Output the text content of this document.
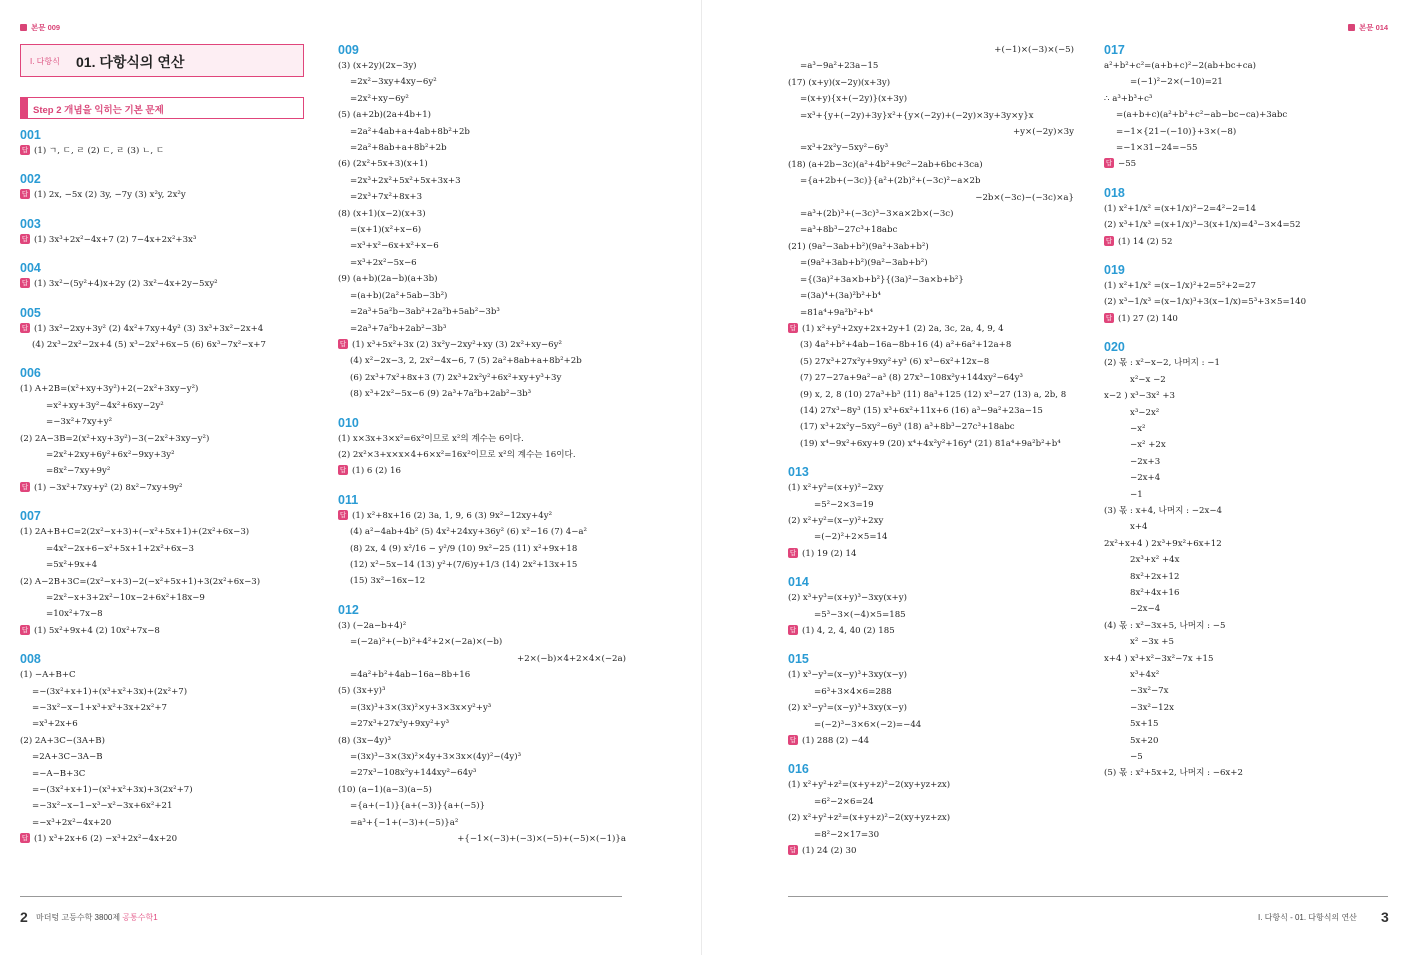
본문 009
I. 다항식 01. 다항식의 연산
Step 2 개념을 익히는 기본 문제
001
답 (1) ㄱ, ㄷ, ㄹ (2) ㄷ, ㄹ (3) ㄴ, ㄷ
002
답 (1) 2x, −5x (2) 3y, −7y (3) x²y, 2x²y
003
답 (1) 3x³+2x²−4x+7 (2) 7−4x+2x²+3x³
004
답 (1) 3x²−(5y²+4)x+2y (2) 3x²−4x+2y−5xy²
005
답 (1) 3x²−2xy+3y² (2) 4x²+7xy+4y² (3) 3x³+3x²−2x+4
(4) 2x³−2x²−2x+4 (5) x³−2x²+6x−5 (6) 6x³−7x²−x+7
006
(1) A+2B=(x²+xy+3y²)+2(−2x²+3xy−y²)
=x²+xy+3y²−4x²+6xy−2y²
=−3x²+7xy+y²
(2) 2A−3B=2(x²+xy+3y²)−3(−2x²+3xy−y²)
=2x²+2xy+6y²+6x²−9xy+3y²
=8x²−7xy+9y²
답 (1) −3x²+7xy+y² (2) 8x²−7xy+9y²
007
(1) 2A+B+C=2(2x²−x+3)+(−x²+5x+1)+(2x²+6x−3)
=4x²−2x+6−x²+5x+1+2x²+6x−3
=5x²+9x+4
(2) A−2B+3C=(2x²−x+3)−2(−x²+5x+1)+3(2x²+6x−3)
=2x²−x+3+2x²−10x−2+6x²+18x−9
=10x²+7x−8
답 (1) 5x²+9x+4 (2) 10x²+7x−8
008
(1) −A+B+C
=−(3x²+x+1)+(x³+x²+3x)+(2x²+7)
=−3x²−x−1+x³+x²+3x+2x²+7
=x³+2x+6
(2) 2A+3C−(3A+B)
=2A+3C−3A−B
=−A−B+3C
=−(3x²+x+1)−(x³+x²+3x)+3(2x²+7)
=−3x²−x−1−x³−x²−3x+6x²+21
=−x³+2x²−4x+20
답 (1) x³+2x+6 (2) −x³+2x²−4x+20
009
(3) (x+2y)(2x−3y)
=2x²−3xy+4xy−6y²
=2x²+xy−6y²
(5) (a+2b)(2a+4b+1)
=2a²+4ab+a+4ab+8b²+2b
=2a²+8ab+a+8b²+2b
(6) (2x²+5x+3)(x+1)
=2x³+2x²+5x²+5x+3x+3
=2x³+7x²+8x+3
(8) (x+1)(x−2)(x+3)
=(x+1)(x²+x−6)
=x³+x²−6x+x²+x−6
=x³+2x²−5x−6
(9) (a+b)(2a−b)(a+3b)
=(a+b)(2a²+5ab−3b²)
=2a³+5a²b−3ab²+2a²b+5ab²−3b³
=2a³+7a²b+2ab²−3b³
답 (1) x³+5x²+3x (2) 3x²y−2xy²+xy (3) 2x²+xy−6y²
(4) x²−2x−3, 2, 2x²−4x−6, 7 (5) 2a²+8ab+a+8b²+2b
(6) 2x³+7x²+8x+3 (7) 2x³+2x²y²+6x²+xy+y³+3y
(8) x³+2x²−5x−6 (9) 2a³+7a²b+2ab²−3b³
010
(1) x×3x+3×x²=6x²이므로 x²의 계수는 6이다.
(2) 2x²×3+x×x×4+6×x²=16x²이므로 x²의 계수는 16이다.
답 (1) 6 (2) 16
011
답 (1) x²+8x+16 (2) 3a, 1, 9, 6 (3) 9x²−12xy+4y²
(4) a²−4ab+4b² (5) 4x²+24xy+36y² (6) x²−16 (7) 4−a²
(8) 2x, 4 (9) x²/16 − y²/9 (10) 9x²−25 (11) x²+9x+18
(12) x²−5x−14 (13) y²+(7/6)y+1/3 (14) 2x²+13x+15
(15) 3x²−16x−12
012
(3) (−2a−b+4)²
=(−2a)²+(−b)²+4²+2×(−2a)×(−b)
+2×(−b)×4+2×4×(−2a)
=4a²+b²+4ab−16a−8b+16
(5) (3x+y)³
=(3x)³+3×(3x)²×y+3×3x×y²+y³
=27x³+27x²y+9xy²+y³
(8) (3x−4y)³
=(3x)³−3×(3x)²×4y+3×3x×(4y)²−(4y)³
=27x³−108x²y+144xy²−64y³
(10) (a−1)(a−3)(a−5)
={a+(−1)}{a+(−3)}{a+(−5)}
=a³+{−1+(−3)+(−5)}a²
+{−1×(−3)+(−3)×(−5)+(−5)×(−1)}a
2 마더텅 고등수학 3800제 공통수학1
본문 014
+(−1)×(−3)×(−5)
=a³−9a²+23a−15
(17) (x+y)(x−2y)(x+3y)
=(x+y){x+(−2y)}(x+3y)
=x³+{y+(−2y)+3y}x²+{y×(−2y)+(−2y)×3y+3y×y}x
+y×(−2y)×3y
=x³+2x²y−5xy²−6y³
(18) (a+2b−3c)(a²+4b²+9c²−2ab+6bc+3ca)
={a+2b+(−3c)}{a²+(2b)²+(−3c)²−a×2b
−2b×(−3c)−(−3c)×a}
=a³+(2b)³+(−3c)³−3×a×2b×(−3c)
=a³+8b³−27c³+18abc
(21) (9a²−3ab+b²)(9a²+3ab+b²)
=(9a²+3ab+b²)(9a²−3ab+b²)
={(3a)²+3a×b+b²}{(3a)²−3a×b+b²}
=(3a)⁴+(3a)²b²+b⁴
=81a⁴+9a²b²+b⁴
답 (1) x²+y²+2xy+2x+2y+1 (2) 2a, 3c, 2a, 4, 9, 4
(3) 4a²+b²+4ab−16a−8b+16 (4) a²+6a²+12a+8
(5) 27x³+27x²y+9xy²+y³ (6) x³−6x²+12x−8
(7) 27−27a+9a²−a³ (8) 27x³−108x²y+144xy²−64y³
(9) x, 2, 8 (10) 27a³+b³ (11) 8a³+125 (12) x³−27 (13) a, 2b, 8
(14) 27x³−8y³ (15) x³+6x²+11x+6 (16) a³−9a²+23a−15
(17) x³+2x²y−5xy²−6y³ (18) a³+8b³−27c³+18abc
(19) x⁴−9x²+6xy+9 (20) x⁴+4x²y²+16y⁴ (21) 81a⁴+9a²b²+b⁴
013
(1) x²+y²=(x+y)²−2xy
=5²−2×3=19
(2) x²+y²=(x−y)²+2xy
=(−2)²+2×5=14
답 (1) 19 (2) 14
014
(2) x³+y³=(x+y)³−3xy(x+y)
=5³−3×(−4)×5=185
답 (1) 4, 2, 4, 40 (2) 185
015
(1) x³−y³=(x−y)³+3xy(x−y)
=6³+3×4×6=288
(2) x³−y³=(x−y)³+3xy(x−y)
=(−2)³−3×6×(−2)=−44
답 (1) 288 (2) −44
016
(1) x²+y²+z²=(x+y+z)²−2(xy+yz+zx)
=6²−2×6=24
(2) x²+y²+z²=(x+y+z)²−2(xy+yz+zx)
=8²−2×17=30
답 (1) 24 (2) 30
017
a²+b²+c²=(a+b+c)²−2(ab+bc+ca)
=(−1)²−2×(−10)=21
∴ a³+b³+c³
=(a+b+c)(a²+b²+c²−ab−bc−ca)+3abc
=−1×{21−(−10)}+3×(−8)
=−1×31−24=−55
답 −55
018
(1) x²+1/x² =(x+1/x)²−2=4²−2=14
(2) x³+1/x³ =(x+1/x)³−3(x+1/x)=4³−3×4=52
답 (1) 14 (2) 52
019
(1) x²+1/x² =(x−1/x)²+2=5²+2=27
(2) x³−1/x³ =(x−1/x)³+3(x−1/x)=5³+3×5=140
답 (1) 27 (2) 140
020
(2) 몫 : x²−x−2, 나머지 : −1
x²−x −2
x−2 ) x³−3x² +3
x³−2x²
−x²
−x² +2x
−2x+3
−2x+4
−1
(3) 몫 : x+4, 나머지 : −2x−4
x+4
2x²+x+4 ) 2x³+9x²+6x+12
2x³+x² +4x
8x²+2x+12
8x²+4x+16
−2x−4
(4) 몫 : x²−3x+5, 나머지 : −5
x² −3x +5
x+4 ) x³+x²−3x²−7x +15
x³+4x²
−3x²−7x
−3x²−12x
5x+15
5x+20
−5
(5) 몫 : x²+5x+2, 나머지 : −6x+2
I. 다항식 - 01. 다항식의 연산 3
